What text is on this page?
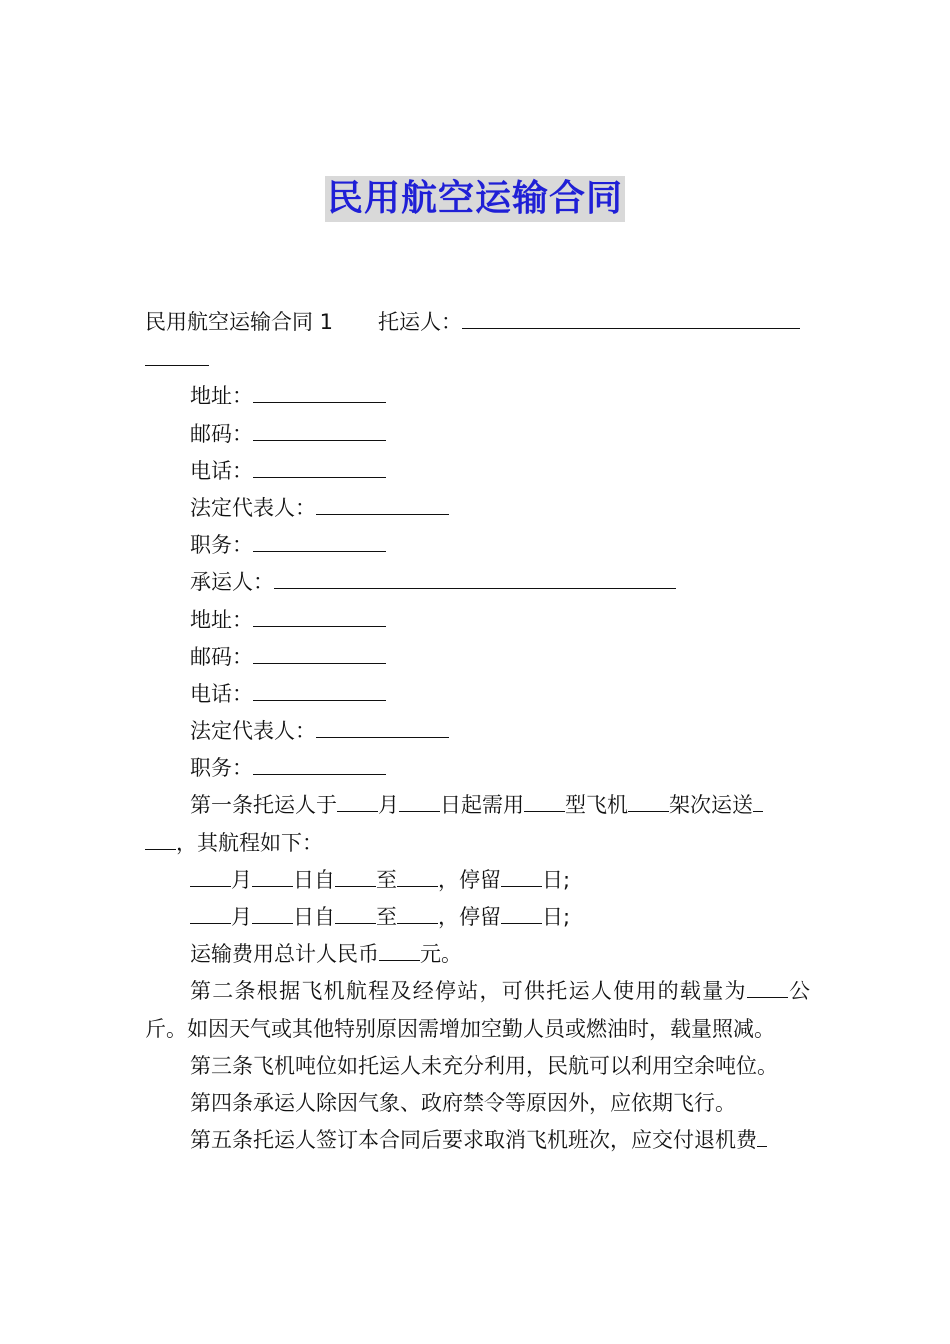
民用航空运输合同
民用航空运输合同 1 托运人：
地址：
邮码：
电话：
法定代表人：
职务：
承运人：
地址：
邮码：
电话：
法定代表人：
职务：
第一条托运人于 月 日起需用 型飞机 架次运送
，其航程如下：
月 日自 至 ，停留 日;
月 日自 至 ，停留 日;
运输费用总计人民币 元。
第二条根据飞机航程及经停站，可供托运人使用的载量为 公斤。如因天气或其他特别原因需增加空勤人员或燃油时，载量照减。
第三条飞机吨位如托运人未充分利用，民航可以利用空余吨位。
第四条承运人除因气象、政府禁令等原因外，应依期飞行。
第五条托运人签订本合同后要求取消飞机班次，应交付退机费
